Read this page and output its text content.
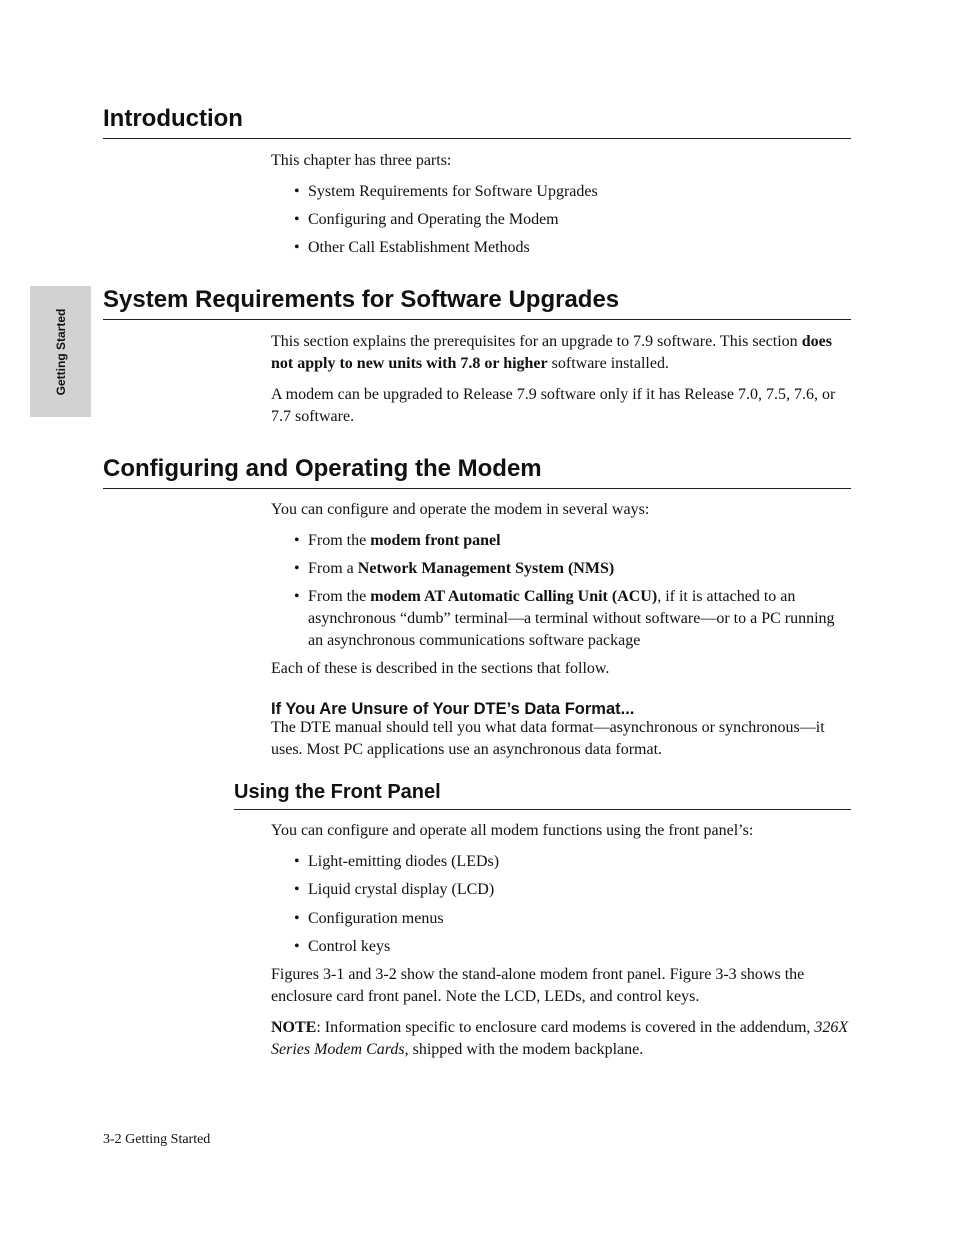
Getting Started
Introduction

This chapter has three parts:

• System Requirements for Software Upgrades
• Configuring and Operating the Modem
• Other Call Establishment Methods
System Requirements for Software Upgrades

This section explains the prerequisites for an upgrade to 7.9 software. This section does not apply to new units with 7.8 or higher software installed.

A modem can be upgraded to Release 7.9 software only if it has Release 7.0, 7.5, 7.6, or 7.7 software.

Configuring and Operating the Modem

You can configure and operate the modem in several ways:

• From the modem front panel
• From a Network Management System (NMS)
• From the modem AT Automatic Calling Unit (ACU), if it is attached to an asynchronous “dumb” terminal—a terminal without software—or to a PC running an asynchronous communications software package

Each of these is described in the sections that follow.

If You Are Unsure of Your DTE’s Data Format...

The DTE manual should tell you what data format—asynchronous or synchronous—it uses. Most PC applications use an asynchronous data format.

Using the Front Panel

You can configure and operate all modem functions using the front panel’s:

• Light-emitting diodes (LEDs)
• Liquid crystal display (LCD)
• Configuration menus
• Control keys

Figures 3-1 and 3-2 show the stand-alone modem front panel. Figure 3-3 shows the enclosure card front panel. Note the LCD, LEDs, and control keys.

NOTE: Information specific to enclosure card modems is covered in the addendum, 326X Series Modem Cards, shipped with the modem backplane.

3-2 Getting Started
